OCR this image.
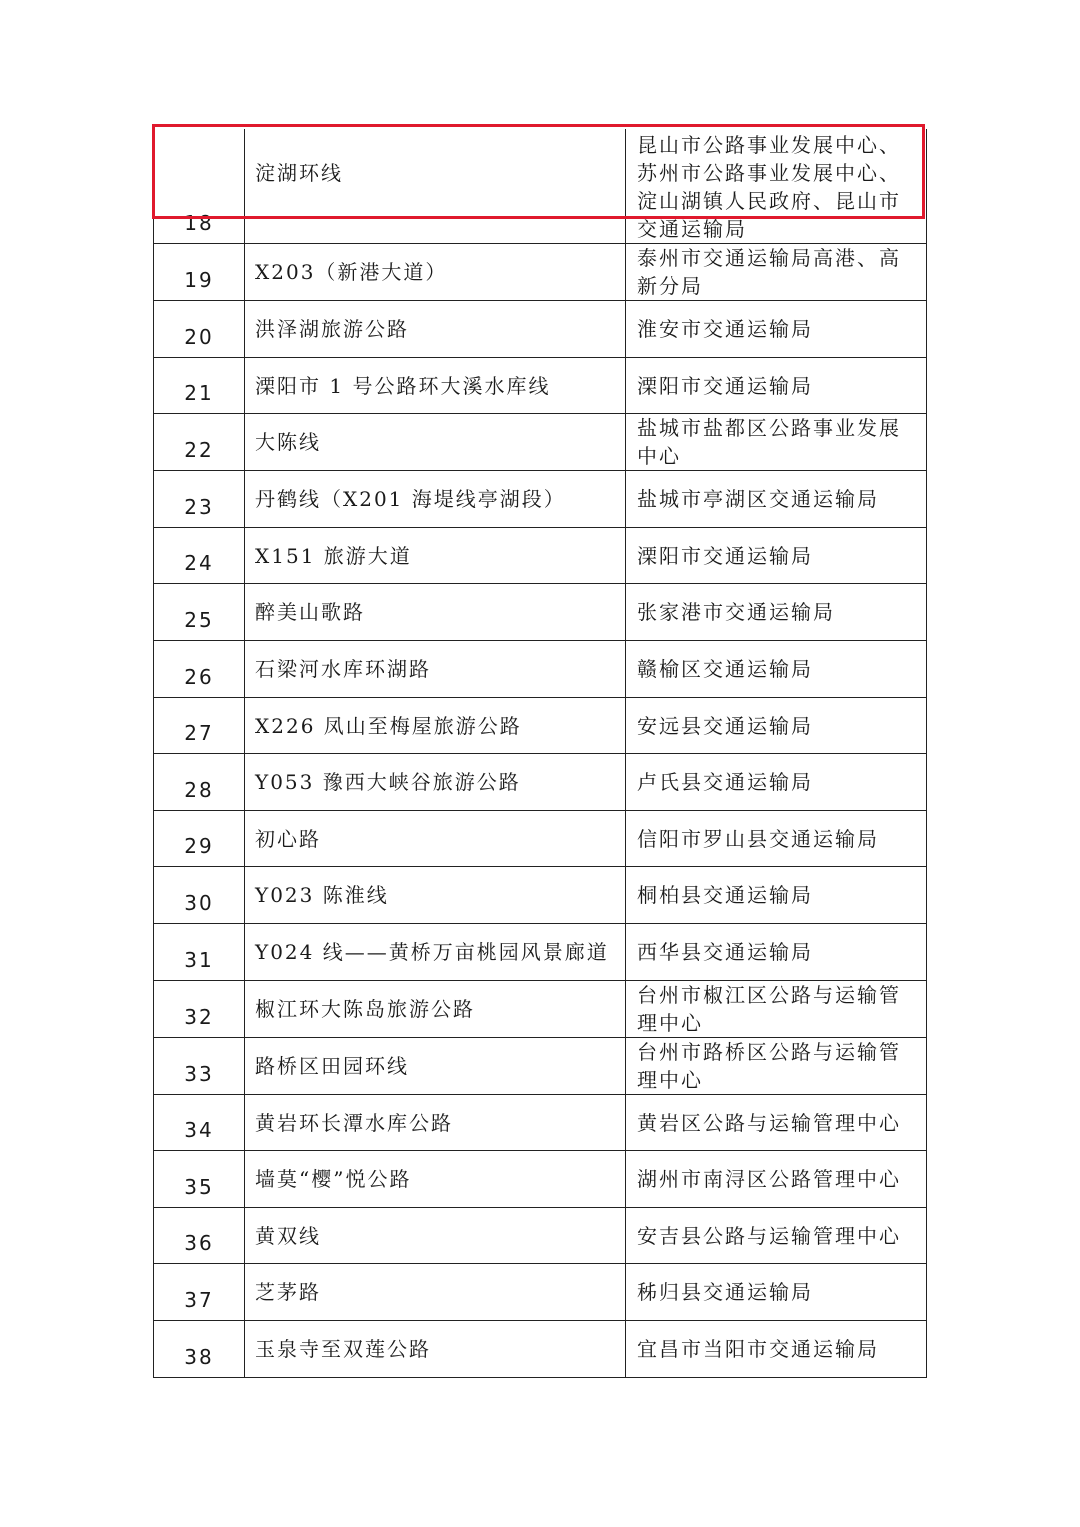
18	淀湖环线	昆山市公路事业发展中心、苏州市公路事业发展中心、淀山湖镇人民政府、昆山市交通运输局
19	X203（新港大道）	泰州市交通运输局高港、高新分局
20	洪泽湖旅游公路	淮安市交通运输局
21	溧阳市 1 号公路环大溪水库线	溧阳市交通运输局
22	大陈线	盐城市盐都区公路事业发展中心
23	丹鹤线（X201 海堤线亭湖段）	盐城市亭湖区交通运输局
24	X151 旅游大道	溧阳市交通运输局
25	醉美山歌路	张家港市交通运输局
26	石梁河水库环湖路	赣榆区交通运输局
27	X226 凤山至梅屋旅游公路	安远县交通运输局
28	Y053 豫西大峡谷旅游公路	卢氏县交通运输局
29	初心路	信阳市罗山县交通运输局
30	Y023 陈淮线	桐柏县交通运输局
31	Y024 线——黄桥万亩桃园风景廊道	西华县交通运输局
32	椒江环大陈岛旅游公路	台州市椒江区公路与运输管理中心
33	路桥区田园环线	台州市路桥区公路与运输管理中心
34	黄岩环长潭水库公路	黄岩区公路与运输管理中心
35	墙莫“樱”悦公路	湖州市南浔区公路管理中心
36	黄双线	安吉县公路与运输管理中心
37	芝茅路	秭归县交通运输局
38	玉泉寺至双莲公路	宜昌市当阳市交通运输局
